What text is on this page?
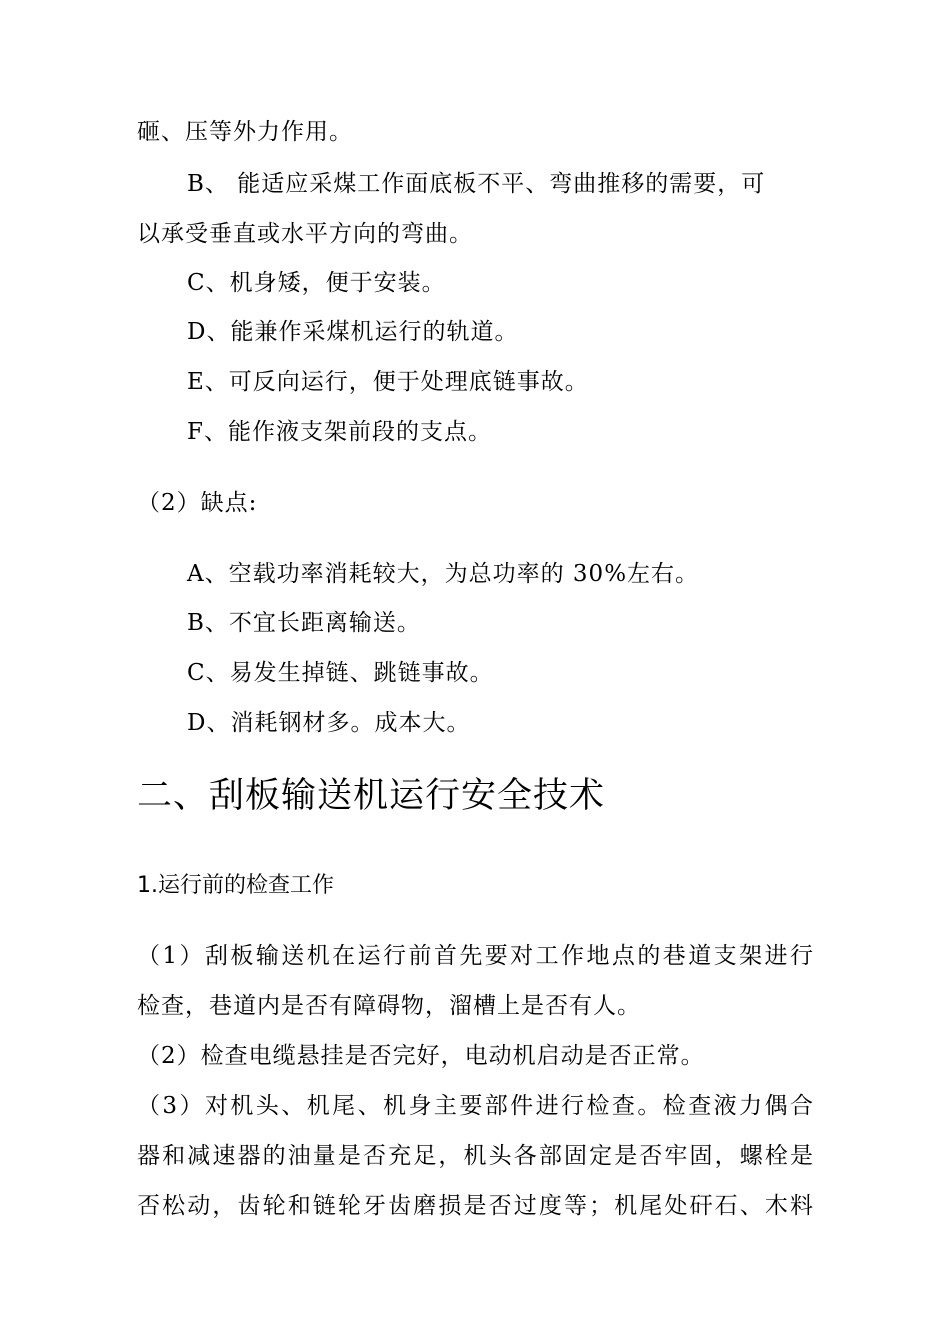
砸、压等外力作用。

B、 能适应采煤工作面底板不平、弯曲推移的需要，可

以承受垂直或水平方向的弯曲。

C、机身矮，便于安装。

D、能兼作采煤机运行的轨道。

E、可反向运行，便于处理底链事故。

F、能作液支架前段的支点。

（2）缺点:

A、空载功率消耗较大，为总功率的 30%左右。

B、不宜长距离输送。

C、易发生掉链、跳链事故。

D、消耗钢材多。成本大。

二、刮板输送机运行安全技术
1.运行前的检查工作

（1）刮板输送机在运行前首先要对工作地点的巷道支架进行

检查，巷道内是否有障碍物，溜槽上是否有人。

（2）检查电缆悬挂是否完好，电动机启动是否正常。

（3）对机头、机尾、机身主要部件进行检查。检查液力偶合

器和减速器的油量是否充足，机头各部固定是否牢固，螺栓是

否松动，齿轮和链轮牙齿磨损是否过度等；机尾处矸石、木料
